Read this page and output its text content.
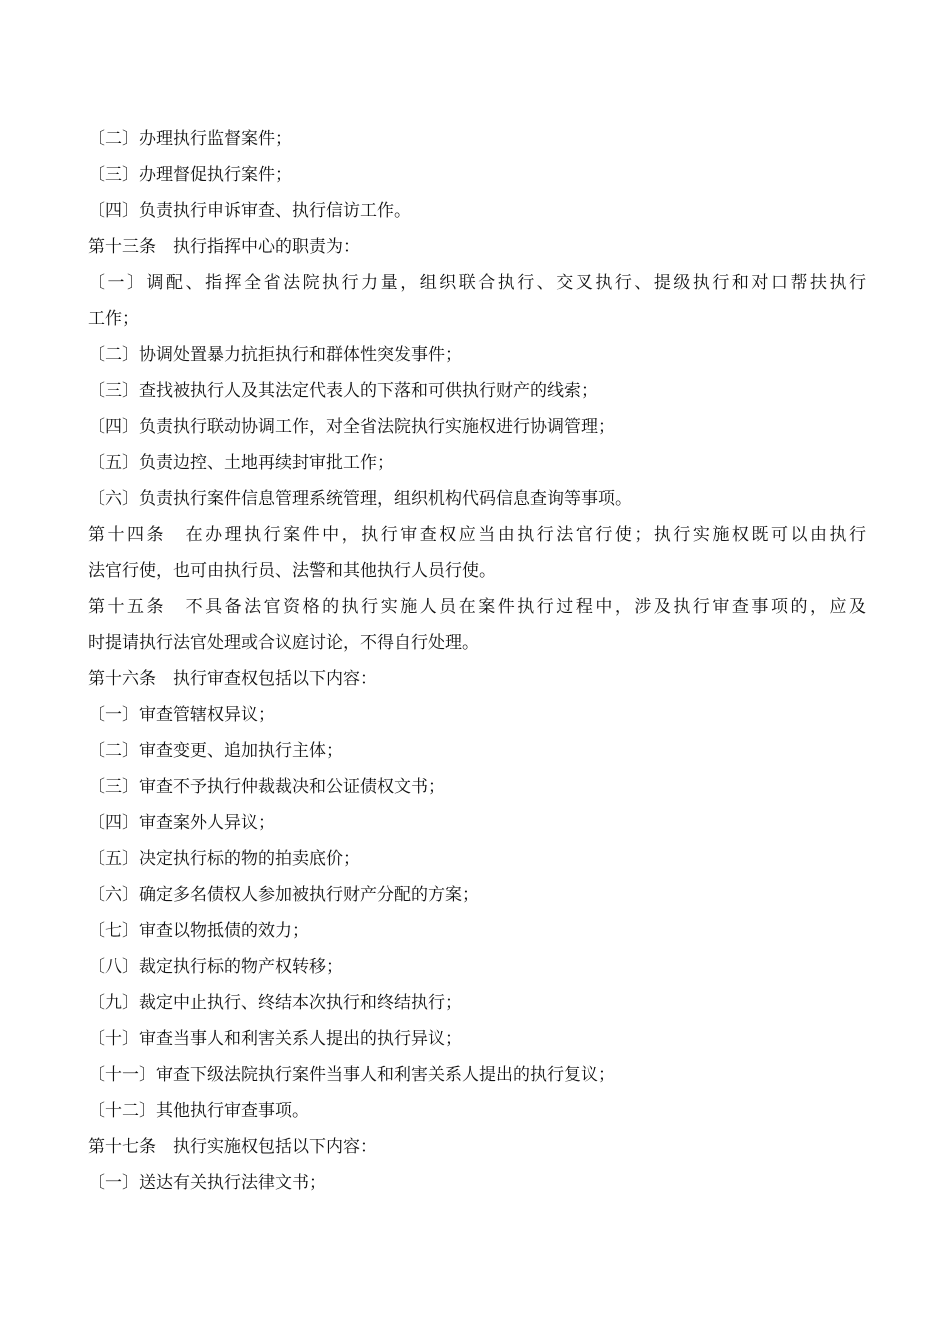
〔二〕办理执行监督案件；
〔三〕办理督促执行案件；
〔四〕负责执行申诉审查、执行信访工作。
第十三条　执行指挥中心的职责为：
〔一〕调配、指挥全省法院执行力量，组织联合执行、交叉执行、提级执行和对口帮扶执行
工作；
〔二〕协调处置暴力抗拒执行和群体性突发事件；
〔三〕查找被执行人及其法定代表人的下落和可供执行财产的线索；
〔四〕负责执行联动协调工作，对全省法院执行实施权进行协调管理；
〔五〕负责边控、土地再续封审批工作；
〔六〕负责执行案件信息管理系统管理，组织机构代码信息查询等事项。
第十四条　在办理执行案件中，执行审查权应当由执行法官行使；执行实施权既可以由执行
法官行使，也可由执行员、法警和其他执行人员行使。
第十五条　不具备法官资格的执行实施人员在案件执行过程中，涉及执行审查事项的，应及
时提请执行法官处理或合议庭讨论，不得自行处理。
第十六条　执行审查权包括以下内容：
〔一〕审查管辖权异议；
〔二〕审查变更、追加执行主体；
〔三〕审查不予执行仲裁裁决和公证债权文书；
〔四〕审查案外人异议；
〔五〕决定执行标的物的拍卖底价；
〔六〕确定多名债权人参加被执行财产分配的方案；
〔七〕审查以物抵债的效力；
〔八〕裁定执行标的物产权转移；
〔九〕裁定中止执行、终结本次执行和终结执行；
〔十〕审查当事人和利害关系人提出的执行异议；
〔十一〕审查下级法院执行案件当事人和利害关系人提出的执行复议；
〔十二〕其他执行审查事项。
第十七条　执行实施权包括以下内容：
〔一〕送达有关执行法律文书；
